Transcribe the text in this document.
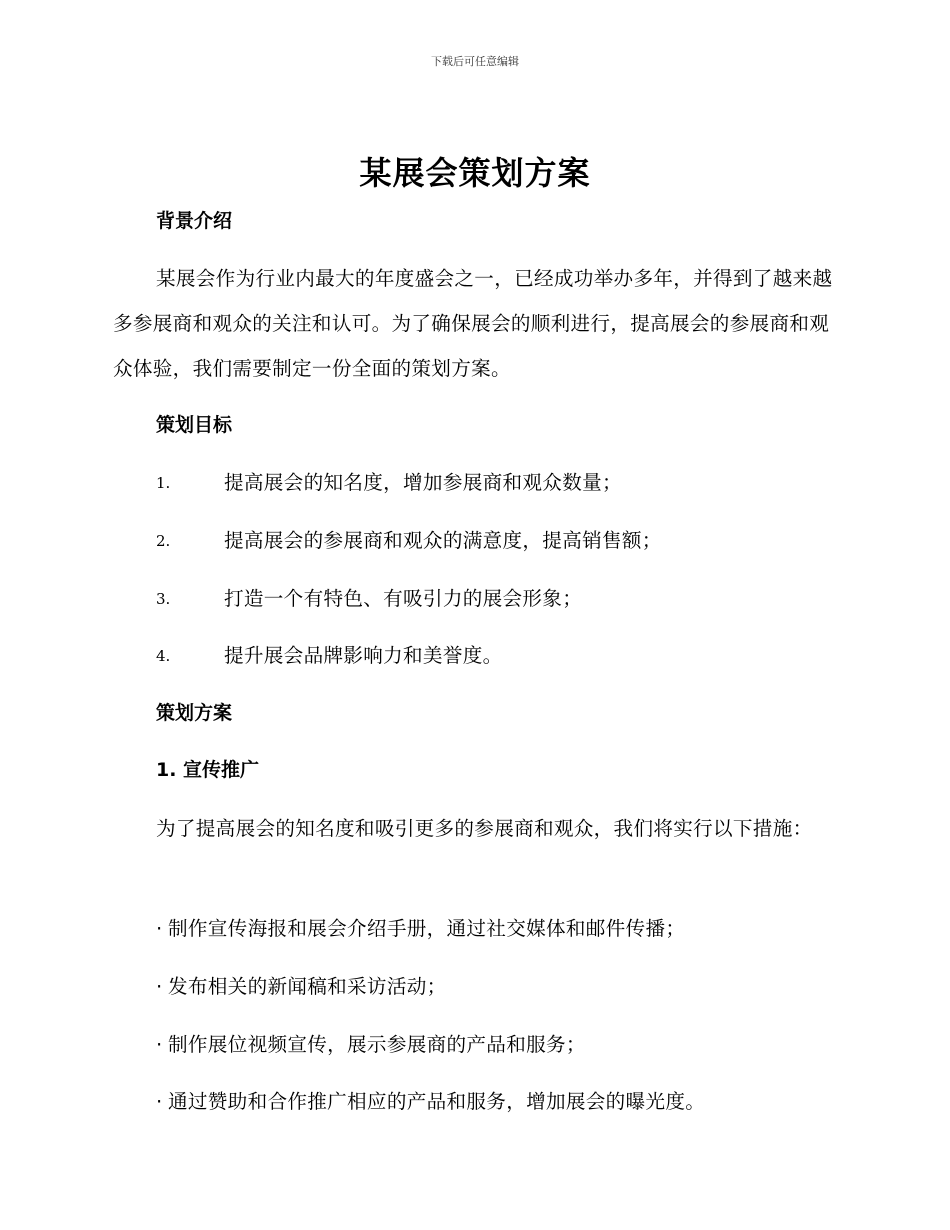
下载后可任意编辑
某展会策划方案
背景介绍

某展会作为行业内最大的年度盛会之一，已经成功举办多年，并得到了越来越多参展商和观众的关注和认可。为了确保展会的顺利进行，提高展会的参展商和观众体验，我们需要制定一份全面的策划方案。

策划目标
1.	提高展会的知名度，增加参展商和观众数量；
2.	提高展会的参展商和观众的满意度，提高销售额；
3.	打造一个有特色、有吸引力的展会形象；
4.	提升展会品牌影响力和美誉度。
策划方案
1. 宣传推广

为了提高展会的知名度和吸引更多的参展商和观众，我们将实行以下措施：

· 制作宣传海报和展会介绍手册，通过社交媒体和邮件传播；
· 发布相关的新闻稿和采访活动；
· 制作展位视频宣传，展示参展商的产品和服务；
· 通过赞助和合作推广相应的产品和服务，增加展会的曝光度。
